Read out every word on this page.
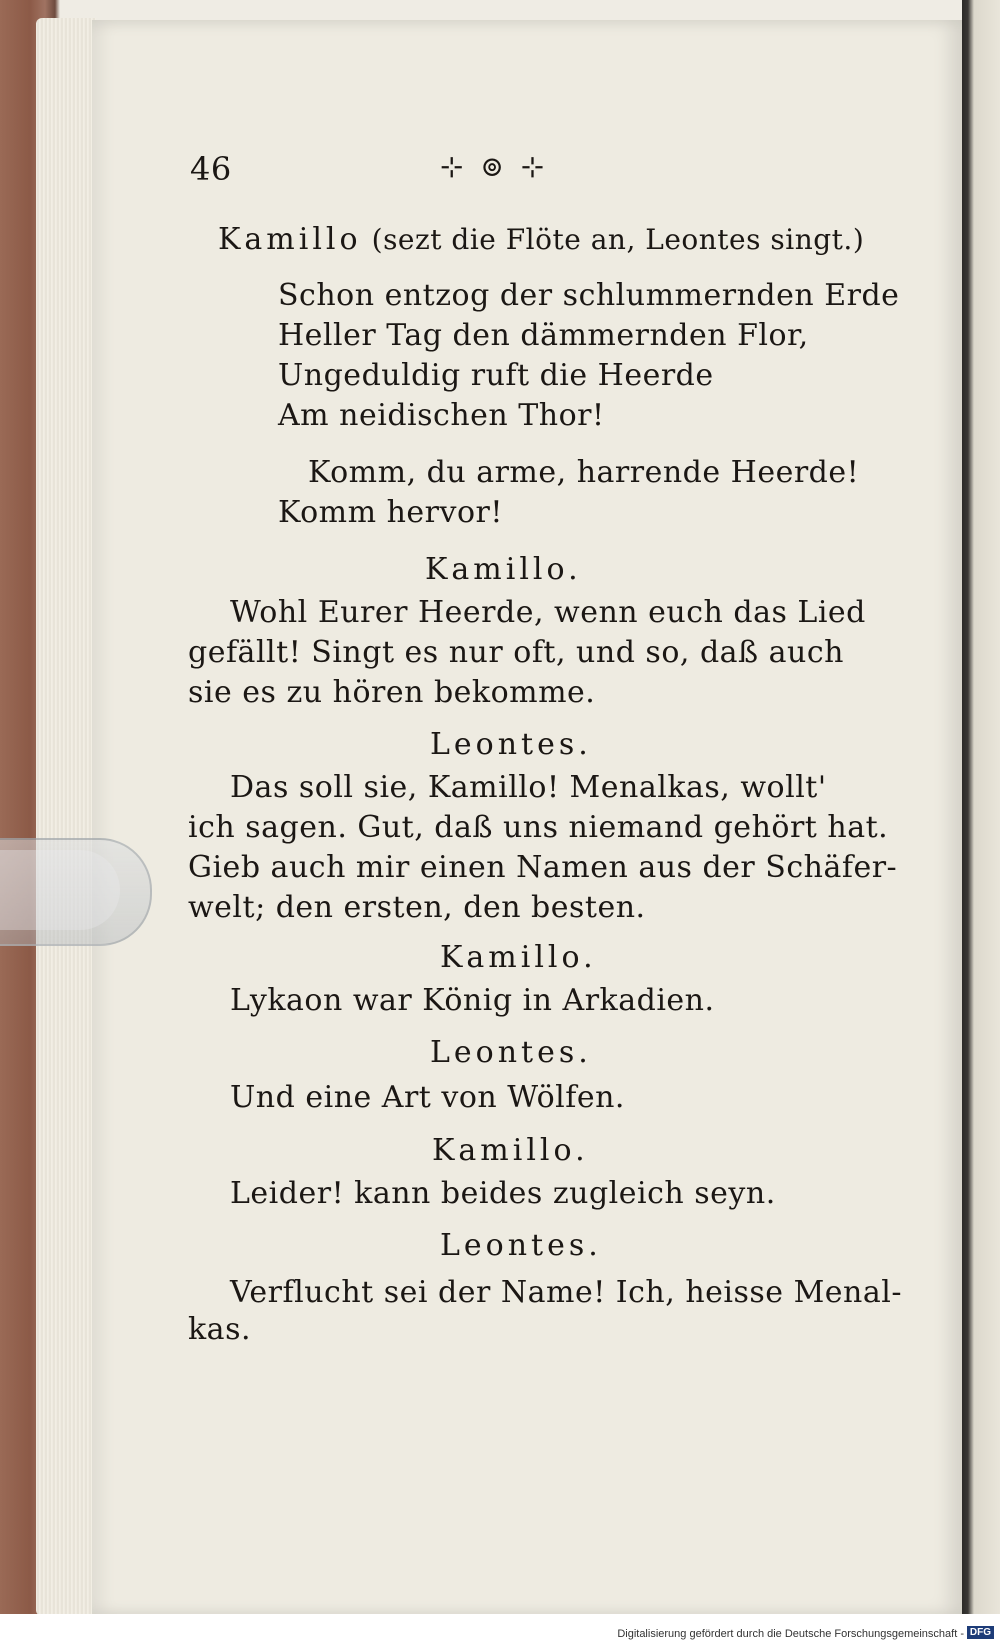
46	⊹ ⊚ ⊹
Kamillo (sezt die Flöte an, Leontes singt.)
Schon entzog der schlummernden Erde
Heller Tag den dämmernden Flor,
Ungeduldig ruft die Heerde
Am neidischen Thor!
Komm, du arme, harrende Heerde!
Komm hervor!
Kamillo.
Wohl Eurer Heerde, wenn euch das Lied
gefällt! Singt es nur oft, und so, daß auch
sie es zu hören bekomme.
Leontes.
Das soll sie, Kamillo! Menalkas, wollt'
ich sagen. Gut, daß uns niemand gehört hat.
Gieb auch mir einen Namen aus der Schäfer-
welt; den ersten, den besten.
Kamillo.
Lykaon war König in Arkadien.
Leontes.
Und eine Art von Wölfen.
Kamillo.
Leider! kann beides zugleich seyn.
Leontes.
Verflucht sei der Name! Ich, heisse Menal-
kas.
Digitalisierung gefördert durch die Deutsche Forschungsgemeinschaft - DFG
